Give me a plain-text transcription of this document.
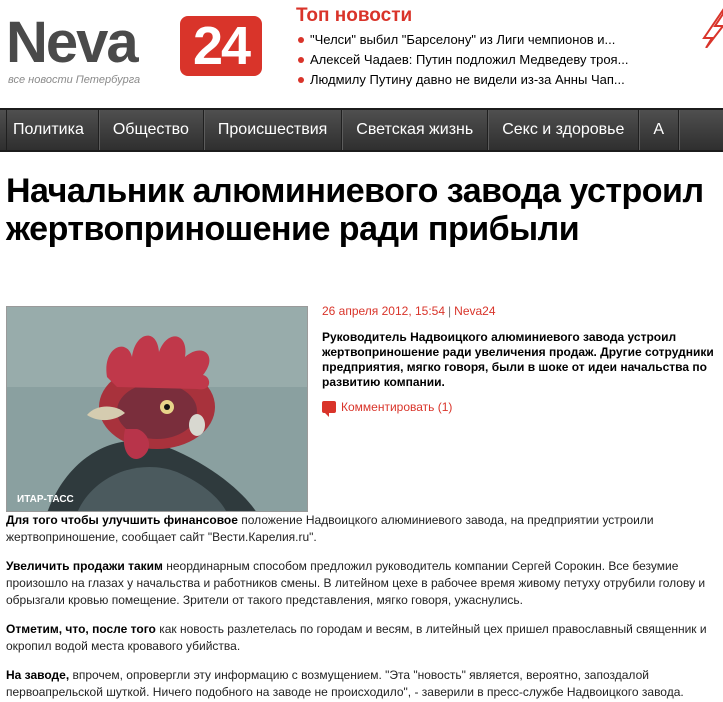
Neva 24
все новости Петербурга
Топ новости
"Челси" выбил "Барселону" из Лиги чемпионов и...
Алексей Чадаев: Путин подложил Медведеву троя...
Людмилу Путину давно не видели из-за Анны Чап...
Политика	Общество	Происшествия	Светская жизнь	Секс и здоровье	А
Начальник алюминиевого завода устроил жертвоприношение ради прибыли
ИТАР-ТАСС
26 апреля 2012, 15:54 | Neva24

Руководитель Надвоицкого алюминиевого завода устроил жертвоприношение ради увеличения продаж. Другие сотрудники предприятия, мягко говоря, были в шоке от идеи начальства по развитию компании.

Комментировать (1)

Для того чтобы улучшить финансовое положение Надвоицкого алюминиевого завода, на предприятии устроили жертвоприношение, сообщает сайт "Вести.Карелия.ru".

Увеличить продажи таким неординарным способом предложил руководитель компании Сергей Сорокин. Все безумие произошло на глазах у начальства и работников смены. В литейном цехе в рабочее время живому петуху отрубили голову и обрызгали кровью помещение. Зрители от такого представления, мягко говоря, ужаснулись.

Отметим, что, после того как новость разлетелась по городам и весям, в литейный цех пришел православный священник и окропил водой места кровавого убийства.

На заводе, впрочем, опровергли эту информацию с возмущением. "Эта "новость" является, вероятно, запоздалой первоапрельской шуткой. Ничего подобного на заводе не происходило", - заверили в пресс-службе Надвоицкого завода.
